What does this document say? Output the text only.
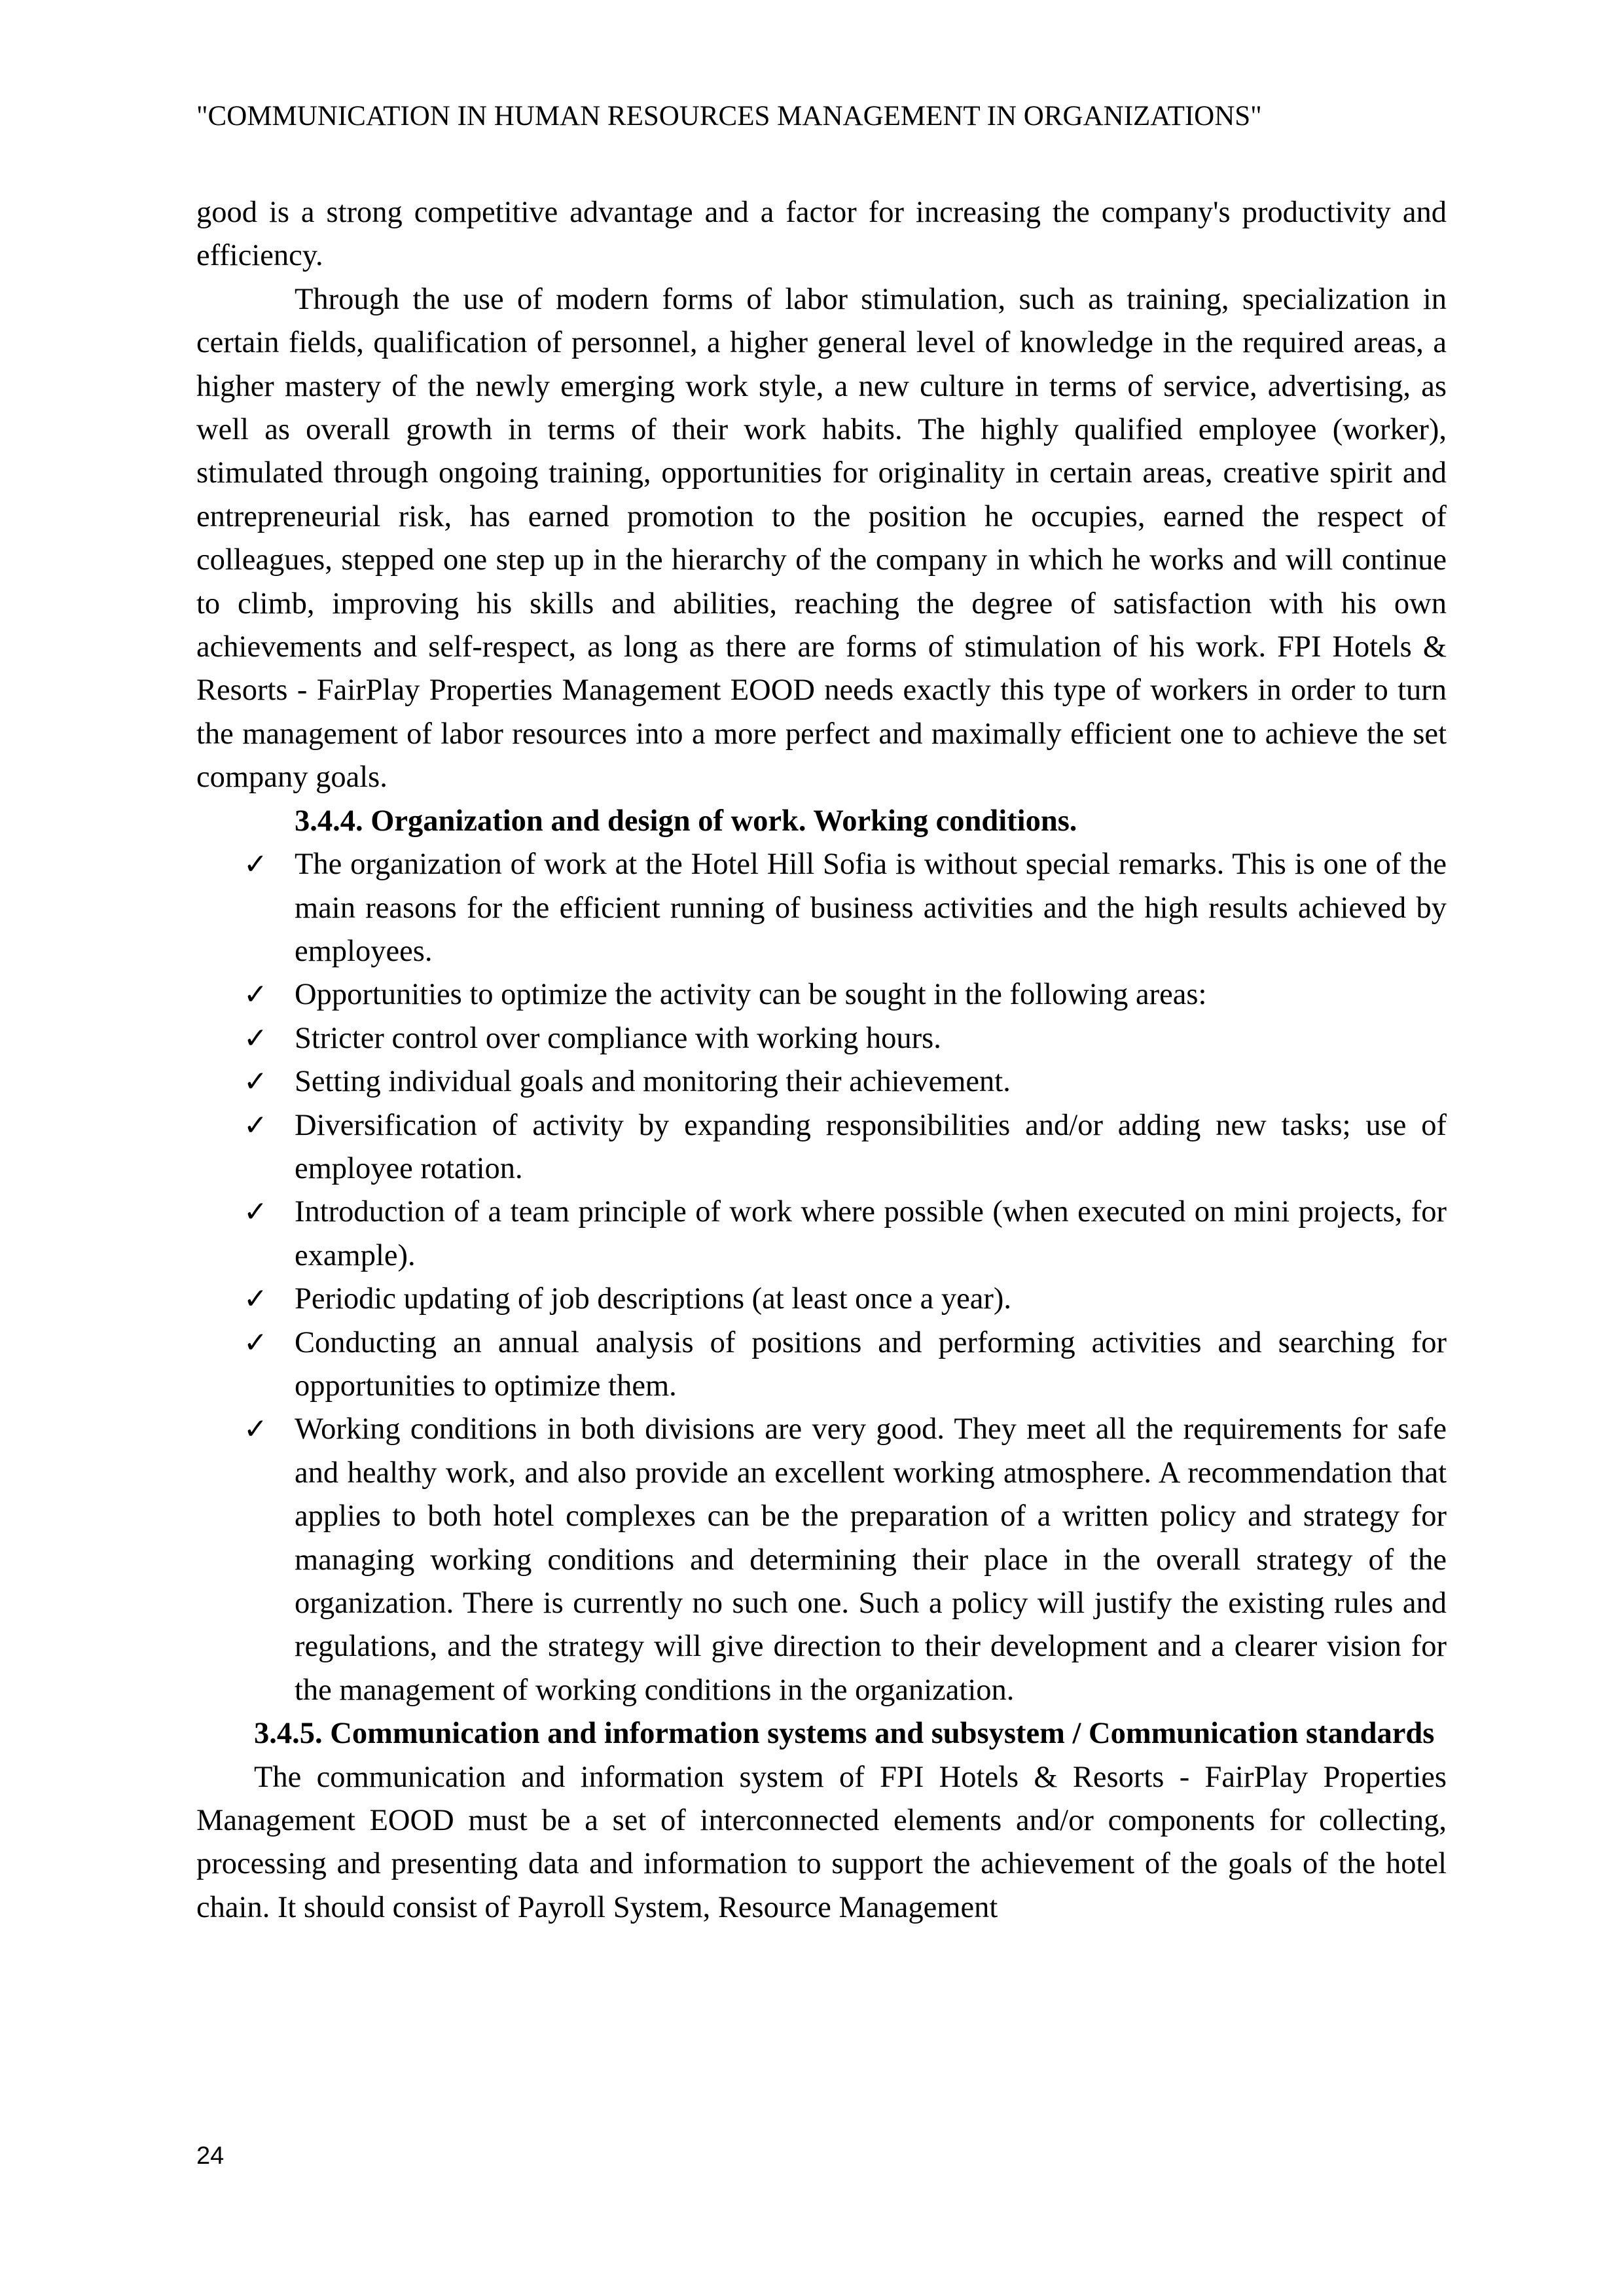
"COMMUNICATION IN HUMAN RESOURCES MANAGEMENT IN ORGANIZATIONS"

good is a strong competitive advantage and a factor for increasing the company's productivity and efficiency.

Through the use of modern forms of labor stimulation, such as training, specialization in certain fields, qualification of personnel, a higher general level of knowledge in the required areas, a higher mastery of the newly emerging work style, a new culture in terms of service, advertising, as well as overall growth in terms of their work habits. The highly qualified employee (worker), stimulated through ongoing training, opportunities for originality in certain areas, creative spirit and entrepreneurial risk, has earned promotion to the position he occupies, earned the respect of colleagues, stepped one step up in the hierarchy of the company in which he works and will continue to climb, improving his skills and abilities, reaching the degree of satisfaction with his own achievements and self-respect, as long as there are forms of stimulation of his work. FPI Hotels & Resorts - FairPlay Properties Management EOOD needs exactly this type of workers in order to turn the management of labor resources into a more perfect and maximally efficient one to achieve the set company goals.

3.4.4. Organization and design of work. Working conditions.

✓ The organization of work at the Hotel Hill Sofia is without special remarks. This is one of the main reasons for the efficient running of business activities and the high results achieved by employees.
✓ Opportunities to optimize the activity can be sought in the following areas:
✓ Stricter control over compliance with working hours.
✓ Setting individual goals and monitoring their achievement.
✓ Diversification of activity by expanding responsibilities and/or adding new tasks; use of employee rotation.
✓ Introduction of a team principle of work where possible (when executed on mini projects, for example).
✓ Periodic updating of job descriptions (at least once a year).
✓ Conducting an annual analysis of positions and performing activities and searching for opportunities to optimize them.
✓ Working conditions in both divisions are very good. They meet all the requirements for safe and healthy work, and also provide an excellent working atmosphere. A recommendation that applies to both hotel complexes can be the preparation of a written policy and strategy for managing working conditions and determining their place in the overall strategy of the organization. There is currently no such one. Such a policy will justify the existing rules and regulations, and the strategy will give direction to their development and a clearer vision for the management of working conditions in the organization.

3.4.5. Communication and information systems and subsystem / Communication standards

The communication and information system of FPI Hotels & Resorts - FairPlay Properties Management EOOD must be a set of interconnected elements and/or components for collecting, processing and presenting data and information to support the achievement of the goals of the hotel chain. It should consist of Payroll System, Resource Management

24
